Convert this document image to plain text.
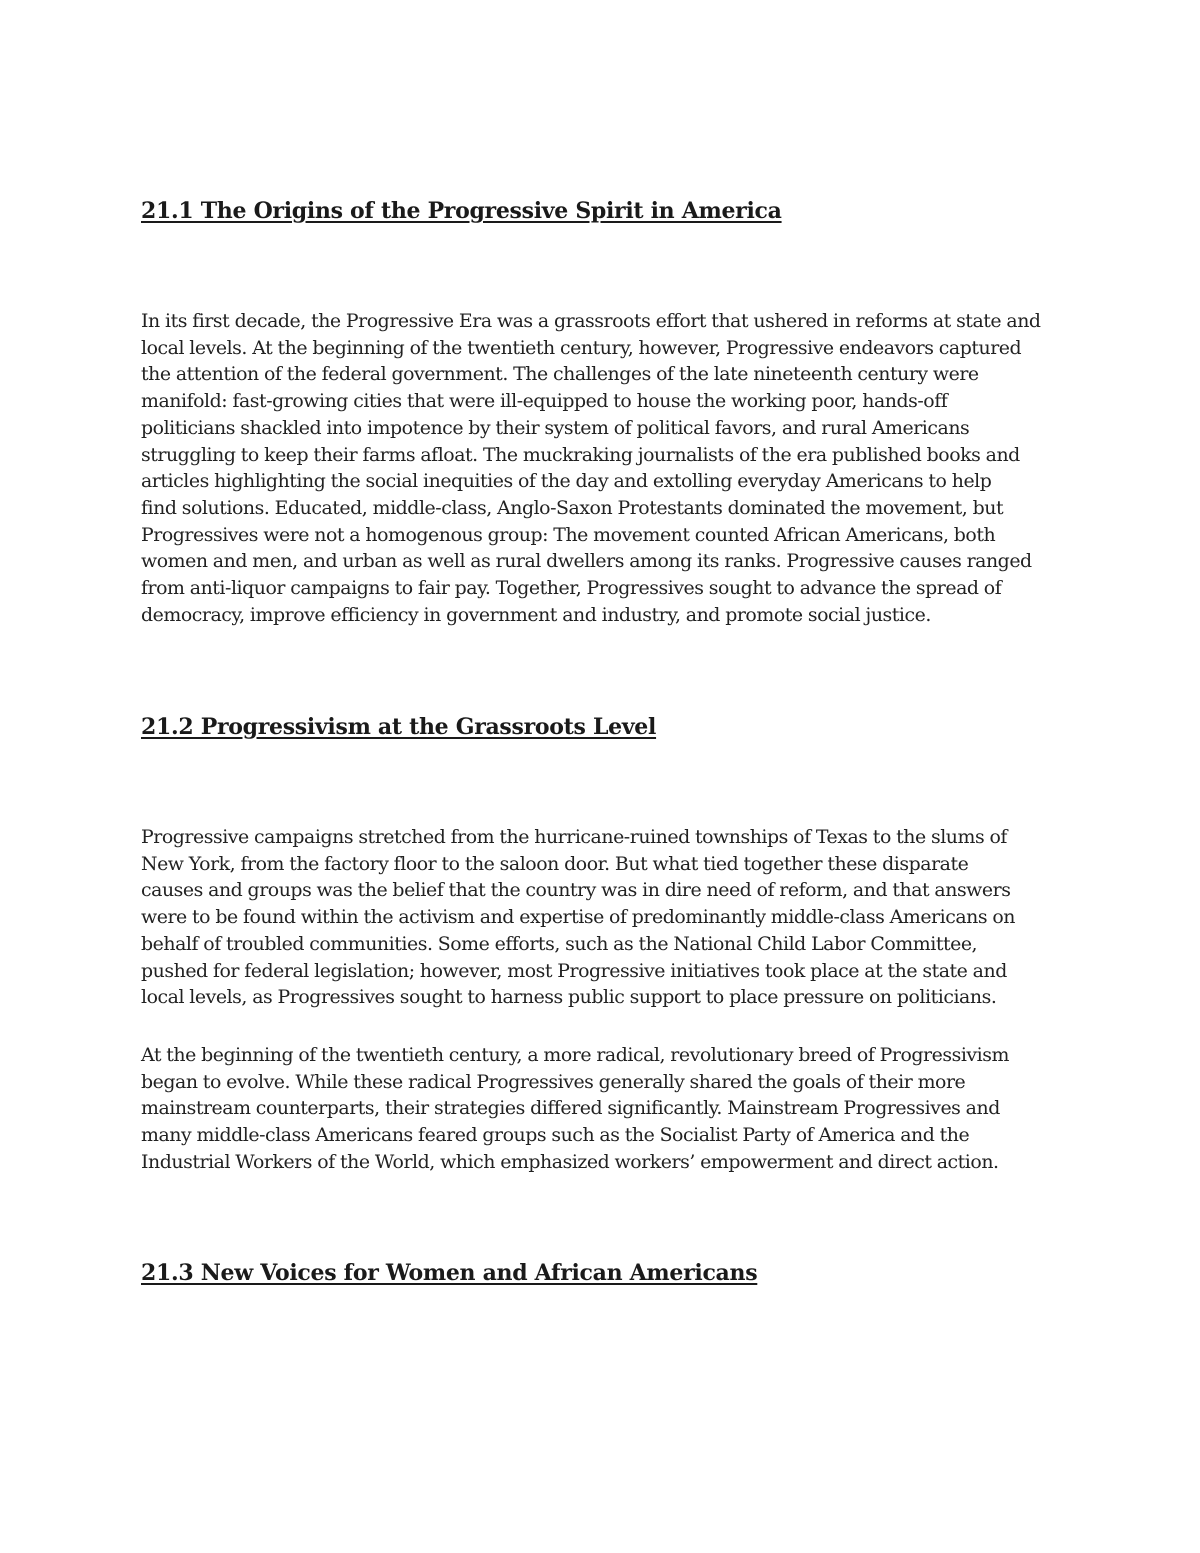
21.1 The Origins of the Progressive Spirit in America

In its first decade, the Progressive Era was a grassroots effort that ushered in reforms at state and
local levels. At the beginning of the twentieth century, however, Progressive endeavors captured
the attention of the federal government. The challenges of the late nineteenth century were
manifold: fast-growing cities that were ill-equipped to house the working poor, hands-off
politicians shackled into impotence by their system of political favors, and rural Americans
struggling to keep their farms afloat. The muckraking journalists of the era published books and
articles highlighting the social inequities of the day and extolling everyday Americans to help
find solutions. Educated, middle-class, Anglo-Saxon Protestants dominated the movement, but
Progressives were not a homogenous group: The movement counted African Americans, both
women and men, and urban as well as rural dwellers among its ranks. Progressive causes ranged
from anti-liquor campaigns to fair pay. Together, Progressives sought to advance the spread of
democracy, improve efficiency in government and industry, and promote social justice.

21.2 Progressivism at the Grassroots Level

Progressive campaigns stretched from the hurricane-ruined townships of Texas to the slums of
New York, from the factory floor to the saloon door. But what tied together these disparate
causes and groups was the belief that the country was in dire need of reform, and that answers
were to be found within the activism and expertise of predominantly middle-class Americans on
behalf of troubled communities. Some efforts, such as the National Child Labor Committee,
pushed for federal legislation; however, most Progressive initiatives took place at the state and
local levels, as Progressives sought to harness public support to place pressure on politicians.

At the beginning of the twentieth century, a more radical, revolutionary breed of Progressivism
began to evolve. While these radical Progressives generally shared the goals of their more
mainstream counterparts, their strategies differed significantly. Mainstream Progressives and
many middle-class Americans feared groups such as the Socialist Party of America and the
Industrial Workers of the World, which emphasized workers’ empowerment and direct action.

21.3 New Voices for Women and African Americans
